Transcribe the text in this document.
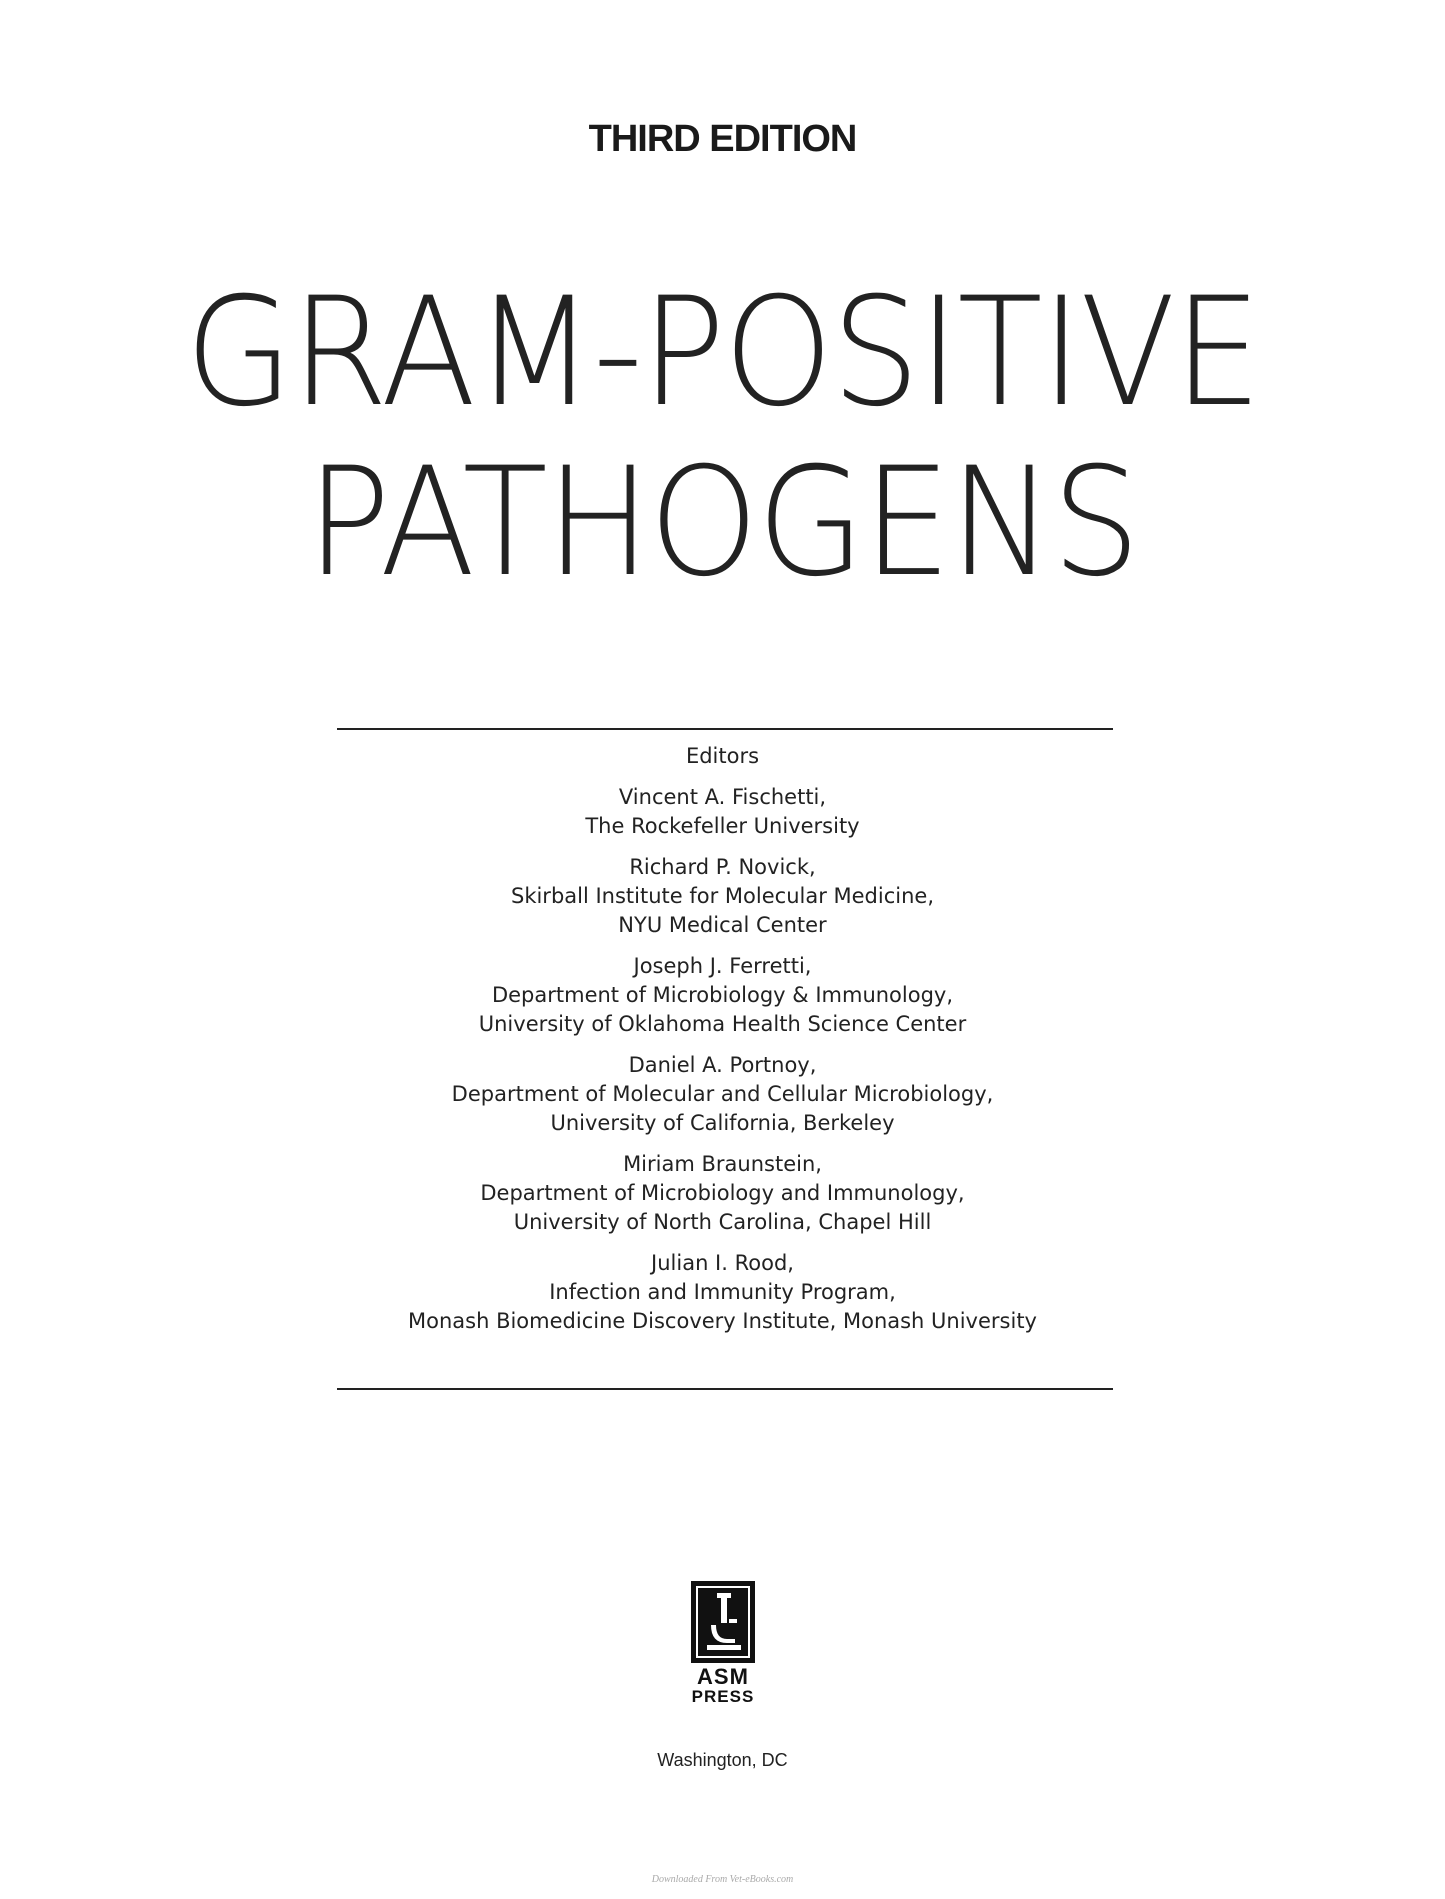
THIRD EDITION
GRAM-POSITIVE
PATHOGENS
Editors
Vincent A. Fischetti,
The Rockefeller University
Richard P. Novick,
Skirball Institute for Molecular Medicine,
NYU Medical Center
Joseph J. Ferretti,
Department of Microbiology & Immunology,
University of Oklahoma Health Science Center
Daniel A. Portnoy,
Department of Molecular and Cellular Microbiology,
University of California, Berkeley
Miriam Braunstein,
Department of Microbiology and Immunology,
University of North Carolina, Chapel Hill
Julian I. Rood,
Infection and Immunity Program,
Monash Biomedicine Discovery Institute, Monash University
ASM
PRESS
Washington, DC
Downloaded From Vet-eBooks.com
